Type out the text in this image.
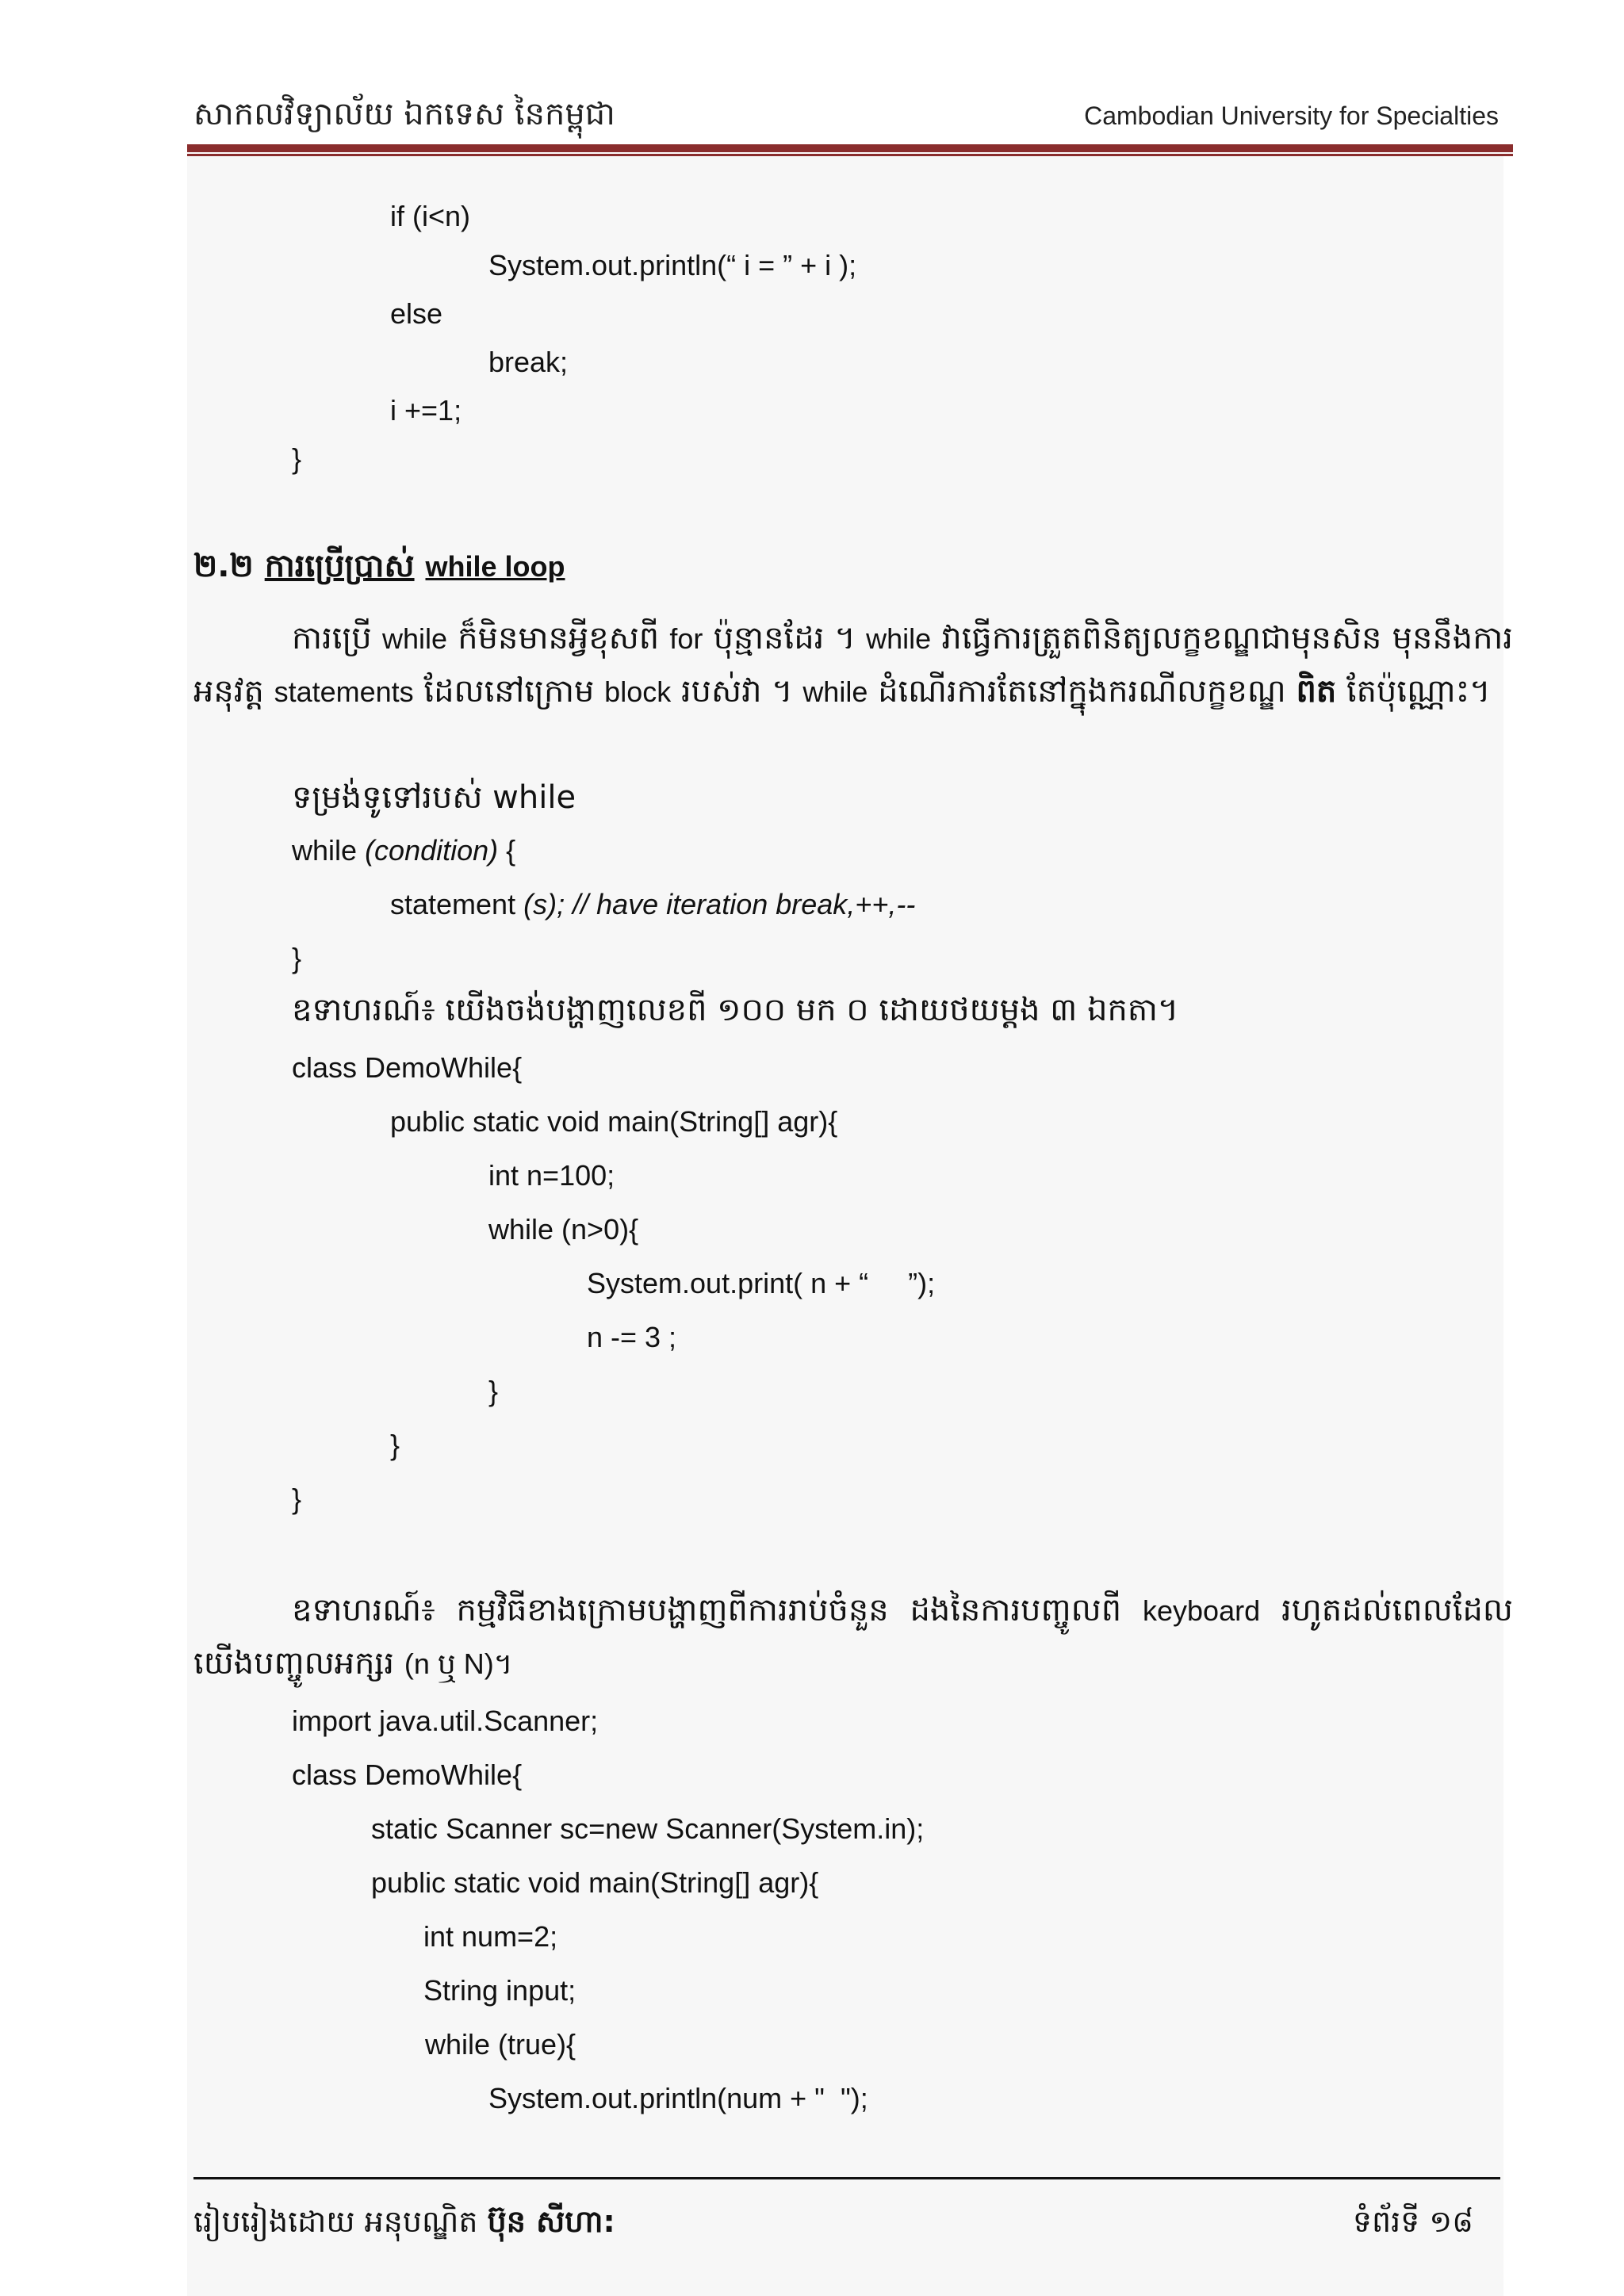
សាកលវិទ្យាល័យ ឯកទេស នៃកម្ពុជា	Cambodian University for Specialties
if (i<n)
System.out.println(“ i = ” + i );
else
break;
i +=1;
}
២.២ ការប្រើប្រាស់ while loop
ការប្រើ while ក៏មិនមានអ្វីខុសពី for ប៉ុន្មានដែរ ។ while វាធ្វើការត្រួតពិនិត្យលក្ខខណ្ឌជាមុនសិន មុននឹងការអនុវត្ត statements ដែលនៅក្រោម block របស់វា ។ while ដំណើរការតែនៅក្នុងករណីលក្ខខណ្ឌ ពិត តែប៉ុណ្ណោះ។
ទម្រង់ទូទៅរបស់ while
while (condition) {
statement (s); // have iteration break,++,--
}
ឧទាហរណ៍៖ យើងចង់បង្ហាញលេខពី ១០០ មក ០ ដោយថយម្តង ៣ ឯកតា។
class DemoWhile{
public static void main(String[] agr){
int n=100;
while (n>0){
System.out.print( n + “     ”);
n -= 3 ;
}
}
}
ឧទាហរណ៍៖ កម្មវិធីខាងក្រោមបង្ហាញពីការរាប់ចំនួន ដងនៃការបញ្ចូលពី keyboard រហូតដល់ពេលដែលយើងបញ្ចូលអក្សរ (n ឬ N)។
import java.util.Scanner;
class DemoWhile{
static Scanner sc=new Scanner(System.in);
public static void main(String[] agr){
int num=2;
String input;
while (true){
System.out.println(num + "  ");
រៀបរៀងដោយ អនុបណ្ឌិត ប៊ុន សីហា:	ទំព័រទី ១៨
